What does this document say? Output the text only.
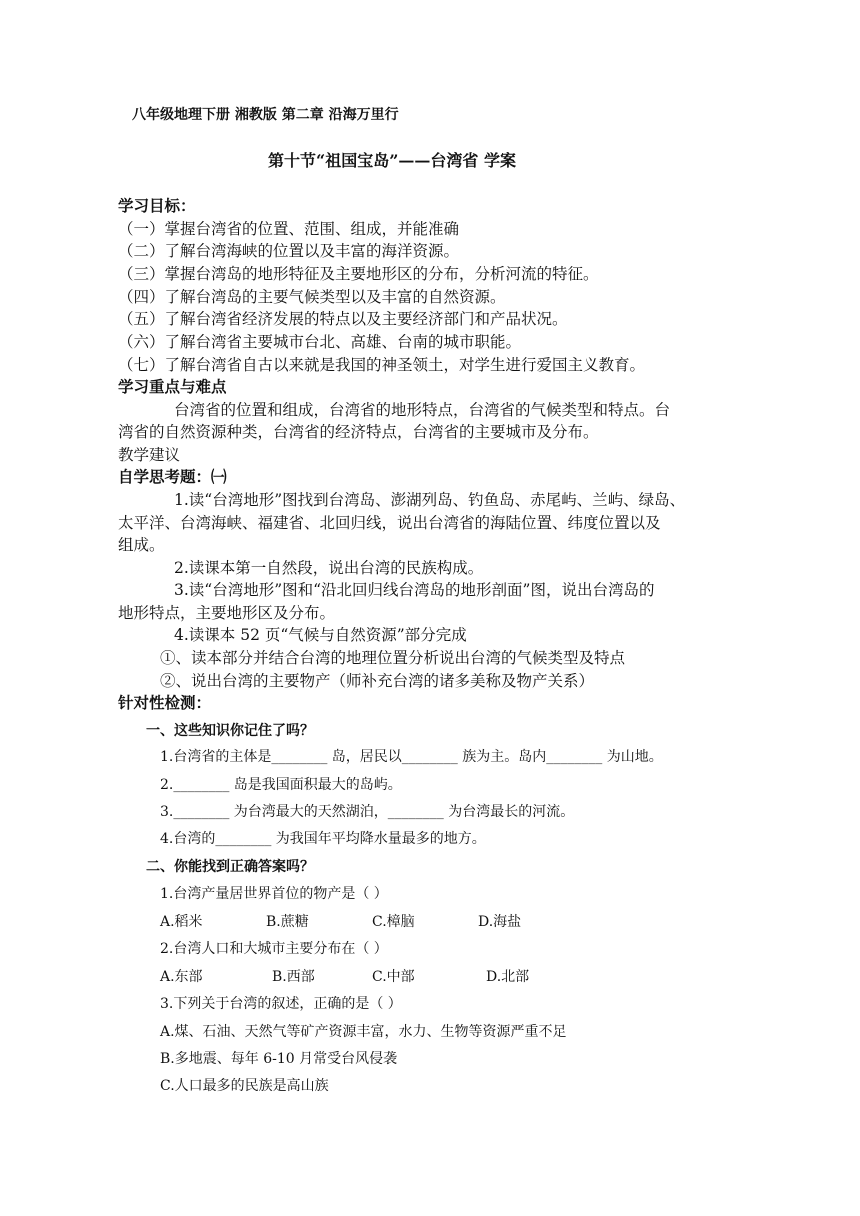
八年级地理下册 湘教版 第二章 沿海万里行
第十节“祖国宝岛”——台湾省 学案
学习目标：
（一）掌握台湾省的位置、范围、组成，并能准确
（二）了解台湾海峡的位置以及丰富的海洋资源。
（三）掌握台湾岛的地形特征及主要地形区的分布，分析河流的特征。
（四）了解台湾岛的主要气候类型以及丰富的自然资源。
（五）了解台湾省经济发展的特点以及主要经济部门和产品状况。
（六）了解台湾省主要城市台北、高雄、台南的城市职能。
（七）了解台湾省自古以来就是我国的神圣领土，对学生进行爱国主义教育。
学习重点与难点
台湾省的位置和组成，台湾省的地形特点，台湾省的气候类型和特点。台
湾省的自然资源种类，台湾省的经济特点，台湾省的主要城市及分布。
教学建议
自学思考题：㈠
1.读“台湾地形”图找到台湾岛、澎湖列岛、钓鱼岛、赤尾屿、兰屿、绿岛、
太平洋、台湾海峡、福建省、北回归线，说出台湾省的海陆位置、纬度位置以及
组成。
2.读课本第一自然段，说出台湾的民族构成。
3.读“台湾地形”图和“沿北回归线台湾岛的地形剖面”图，说出台湾岛的
地形特点，主要地形区及分布。
4.读课本 52 页“气候与自然资源”部分完成
①、读本部分并结合台湾的地理位置分析说出台湾的气候类型及特点
②、说出台湾的主要物产（师补充台湾的诸多美称及物产关系）
针对性检测：
一、这些知识你记住了吗？
1.台湾省的主体是________ 岛，居民以________ 族为主。岛内________ 为山地。
2.________ 岛是我国面积最大的岛屿。
3.________ 为台湾最大的天然湖泊，________ 为台湾最长的河流。
4.台湾的________ 为我国年平均降水量最多的地方。
二、你能找到正确答案吗？
1.台湾产量居世界首位的物产是（ ）
A.稻米	B.蔗糖	C.樟脑	D.海盐
2.台湾人口和大城市主要分布在（ ）
A.东部	B.西部	C.中部	D.北部
3.下列关于台湾的叙述，正确的是（ ）
A.煤、石油、天然气等矿产资源丰富，水力、生物等资源严重不足
B.多地震、每年 6-10 月常受台风侵袭
C.人口最多的民族是高山族
